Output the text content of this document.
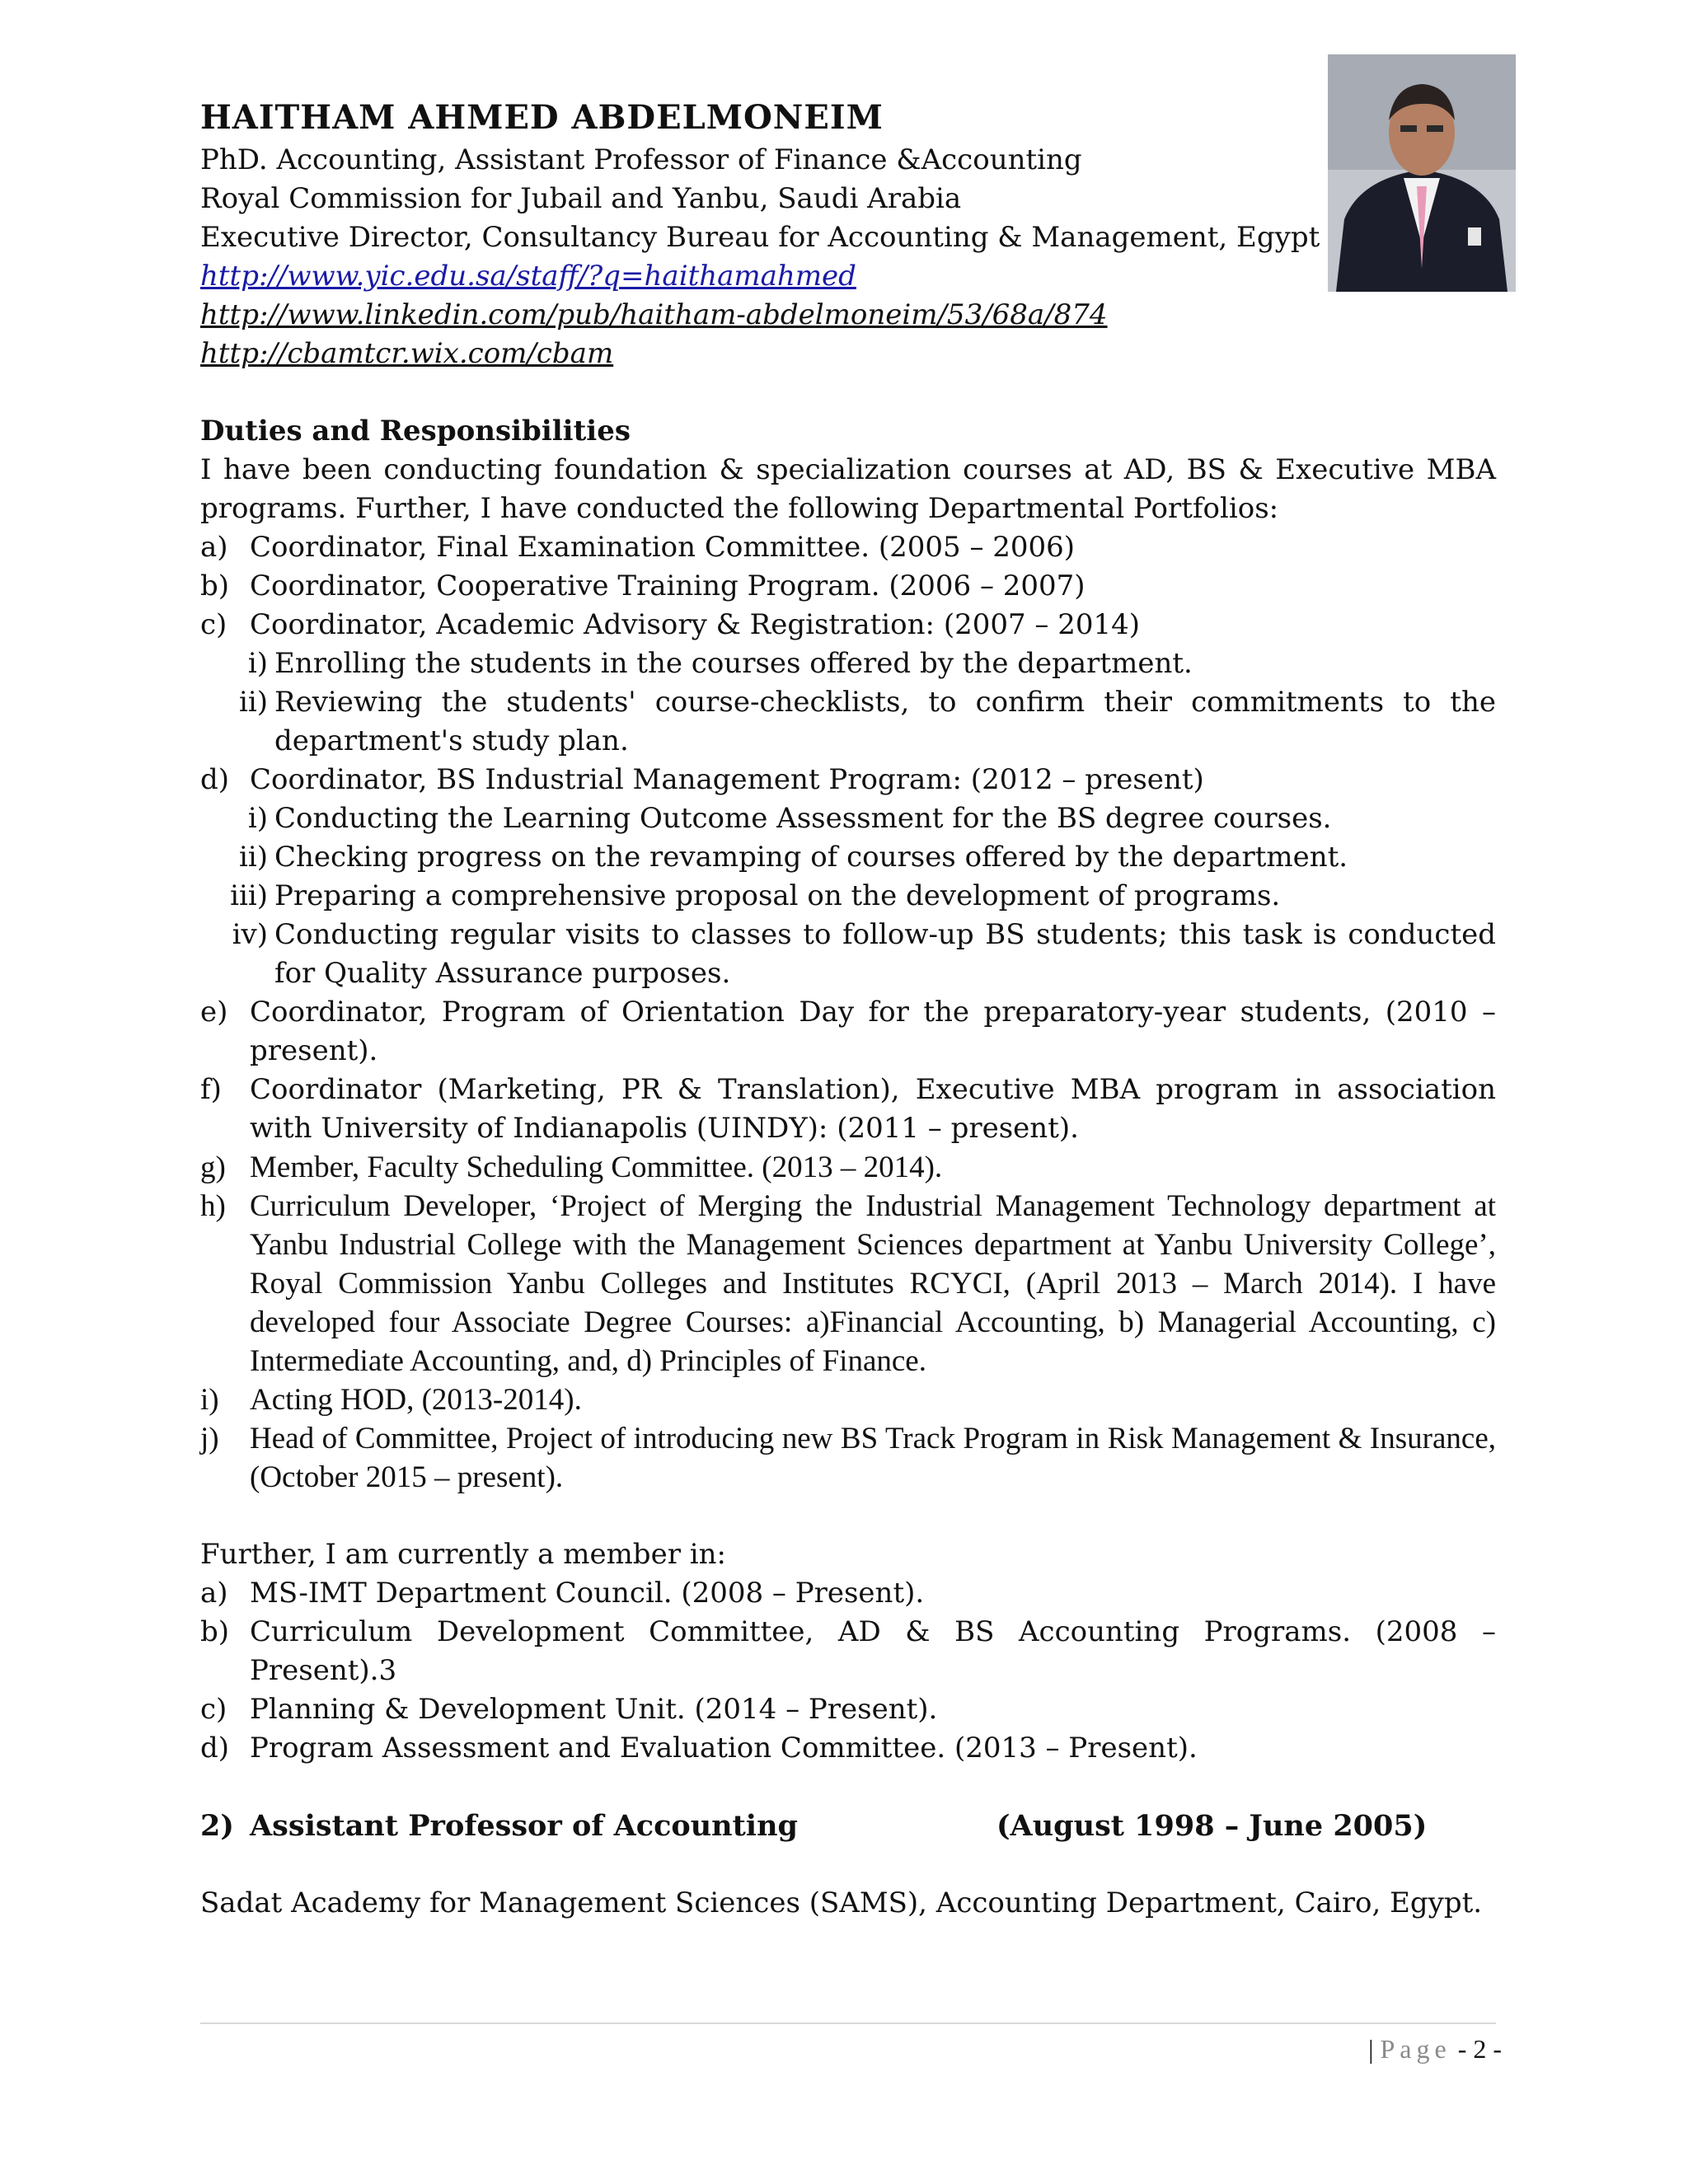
HAITHAM AHMED ABDELMONEIM
PhD. Accounting, Assistant Professor of Finance &Accounting
Royal Commission for Jubail and Yanbu, Saudi Arabia
Executive Director, Consultancy Bureau for Accounting & Management, Egypt
http://www.yic.edu.sa/staff/?q=haithamahmed
http://www.linkedin.com/pub/haitham-abdelmoneim/53/68a/874
http://cbamtcr.wix.com/cbam
Duties and Responsibilities
I have been conducting foundation & specialization courses at AD, BS & Executive MBA programs. Further, I have conducted the following Departmental Portfolios:
a) Coordinator, Final Examination Committee. (2005 – 2006)
b) Coordinator, Cooperative Training Program. (2006 – 2007)
c) Coordinator, Academic Advisory & Registration: (2007 – 2014)
i) Enrolling the students in the courses offered by the department.
ii) Reviewing the students' course-checklists, to confirm their commitments to the department's study plan.
d) Coordinator, BS Industrial Management Program: (2012 – present)
i) Conducting the Learning Outcome Assessment for the BS degree courses.
ii) Checking progress on the revamping of courses offered by the department.
iii) Preparing a comprehensive proposal on the development of programs.
iv) Conducting regular visits to classes to follow-up BS students; this task is conducted for Quality Assurance purposes.
e) Coordinator, Program of Orientation Day for the preparatory-year students, (2010 – present).
f)	Coordinator (Marketing, PR & Translation), Executive MBA program in association with University of Indianapolis (UINDY): (2011 – present).
g) Member, Faculty Scheduling Committee. (2013 – 2014).
h) Curriculum Developer, ‘Project of Merging the Industrial Management Technology department at Yanbu Industrial College with the Management Sciences department at Yanbu University College’, Royal Commission Yanbu Colleges and Institutes RCYCI, (April 2013 – March 2014). I have developed four Associate Degree Courses: a)Financial Accounting, b) Managerial Accounting, c) Intermediate Accounting, and, d) Principles of Finance.
i)	Acting HOD, (2013-2014).
j)	Head of Committee, Project of introducing new BS Track Program in Risk Management & Insurance, (October 2015 – present).
Further, I am currently a member in:
a) MS-IMT Department Council. (2008 – Present).
b) Curriculum Development Committee, AD & BS Accounting Programs. (2008 – Present).3
c) Planning & Development Unit. (2014 – Present).
d) Program Assessment and Evaluation Committee. (2013 – Present).
2) Assistant Professor of Accounting	(August 1998 – June 2005)
Sadat Academy for Management Sciences (SAMS), Accounting Department, Cairo, Egypt.
| Page - 2 -
